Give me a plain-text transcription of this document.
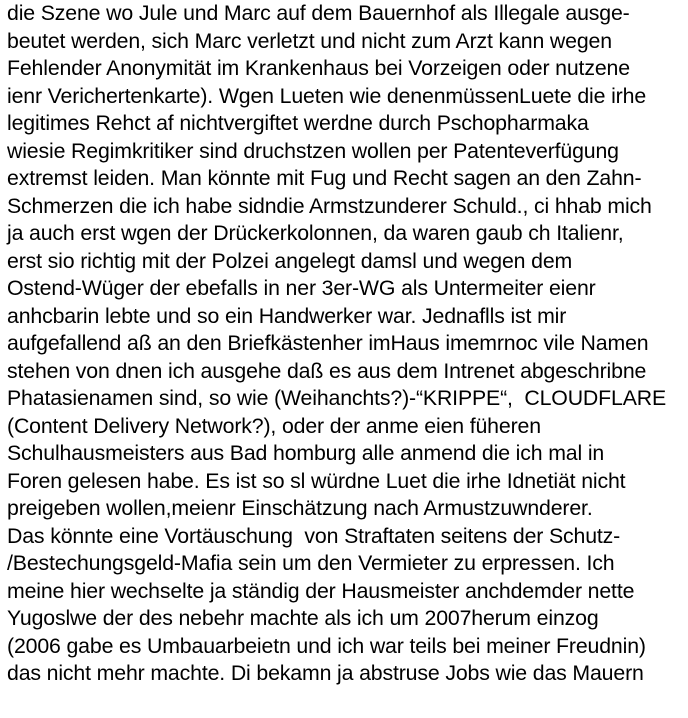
die Szene wo Jule und Marc auf dem Bauernhof als Illegale ausge-
beutet werden, sich Marc verletzt und nicht zum Arzt kann wegen
Fehlender Anonymität im Krankenhaus bei Vorzeigen oder nutzene
ienr Verichertenkarte). Wgen Lueten wie denenmüssenLuete die irhe
legitimes Rehct af nichtvergiftet werdne durch Pschopharmaka
wiesie Regimkritiker sind druchstzen wollen per Patenteverfügung
extremst leiden. Man könnte mit Fug und Recht sagen an den Zahn-
Schmerzen die ich habe sidndie Armstzunderer Schuld., ci hhab mich
ja auch erst wgen der Drückerkolonnen, da waren gaub ch Italienr,
erst sio richtig mit der Polzei angelegt damsl und wegen dem
Ostend-Wüger der ebefalls in ner 3er-WG als Untermeiter eienr
anhcbarin lebte und so ein Handwerker war. Jednaflls ist mir
aufgefallend aß an den Briefkästenher imHaus imemrnoc vile Namen
stehen von dnen ich ausgehe daß es aus dem Intrenet abgeschribne
Phatasienamen sind, so wie (Weihanchts?)-“KRIPPE“,  CLOUDFLARE
(Content Delivery Network?), oder der anme eien füheren
Schulhausmeisters aus Bad homburg alle anmend die ich mal in
Foren gelesen habe. Es ist so sl würdne Luet die irhe Idnetiät nicht
preigeben wollen,meienr Einschätzung nach Armustzuwnderer.
Das könnte eine Vortäuschung  von Straftaten seitens der Schutz-
/Bestechungsgeld-Mafia sein um den Vermieter zu erpressen. Ich
meine hier wechselte ja ständig der Hausmeister anchdemder nette
Yugoslwe der des nebehr machte als ich um 2007herum einzog
(2006 gabe es Umbauarbeietn und ich war teils bei meiner Freudnin)
das nicht mehr machte. Di bekamn ja abstruse Jobs wie das Mauern
